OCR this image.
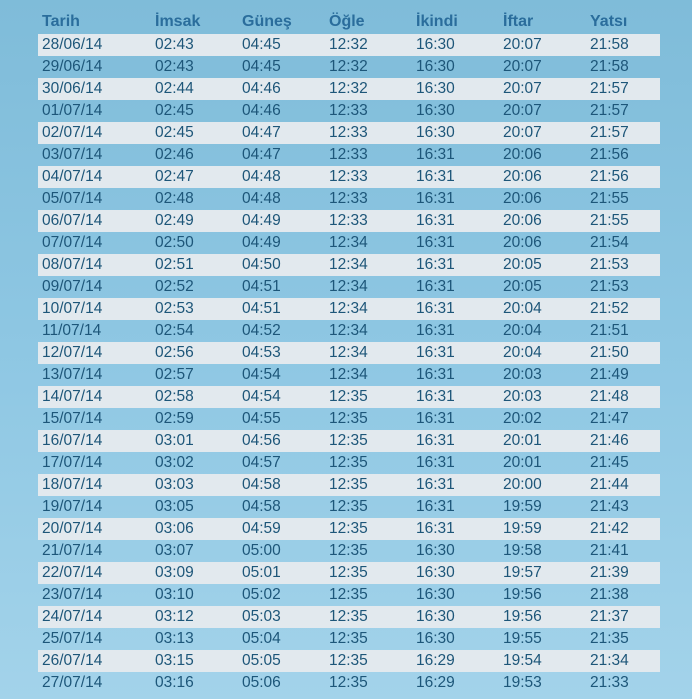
Tarih	İmsak	Güneş	Öğle	İkindi	İftar	Yatsı
28/06/14	02:43	04:45	12:32	16:30	20:07	21:58
29/06/14	02:43	04:45	12:32	16:30	20:07	21:58
30/06/14	02:44	04:46	12:32	16:30	20:07	21:57
01/07/14	02:45	04:46	12:33	16:30	20:07	21:57
02/07/14	02:45	04:47	12:33	16:30	20:07	21:57
03/07/14	02:46	04:47	12:33	16:31	20:06	21:56
04/07/14	02:47	04:48	12:33	16:31	20:06	21:56
05/07/14	02:48	04:48	12:33	16:31	20:06	21:55
06/07/14	02:49	04:49	12:33	16:31	20:06	21:55
07/07/14	02:50	04:49	12:34	16:31	20:06	21:54
08/07/14	02:51	04:50	12:34	16:31	20:05	21:53
09/07/14	02:52	04:51	12:34	16:31	20:05	21:53
10/07/14	02:53	04:51	12:34	16:31	20:04	21:52
11/07/14	02:54	04:52	12:34	16:31	20:04	21:51
12/07/14	02:56	04:53	12:34	16:31	20:04	21:50
13/07/14	02:57	04:54	12:34	16:31	20:03	21:49
14/07/14	02:58	04:54	12:35	16:31	20:03	21:48
15/07/14	02:59	04:55	12:35	16:31	20:02	21:47
16/07/14	03:01	04:56	12:35	16:31	20:01	21:46
17/07/14	03:02	04:57	12:35	16:31	20:01	21:45
18/07/14	03:03	04:58	12:35	16:31	20:00	21:44
19/07/14	03:05	04:58	12:35	16:31	19:59	21:43
20/07/14	03:06	04:59	12:35	16:31	19:59	21:42
21/07/14	03:07	05:00	12:35	16:30	19:58	21:41
22/07/14	03:09	05:01	12:35	16:30	19:57	21:39
23/07/14	03:10	05:02	12:35	16:30	19:56	21:38
24/07/14	03:12	05:03	12:35	16:30	19:56	21:37
25/07/14	03:13	05:04	12:35	16:30	19:55	21:35
26/07/14	03:15	05:05	12:35	16:29	19:54	21:34
27/07/14	03:16	05:06	12:35	16:29	19:53	21:33
